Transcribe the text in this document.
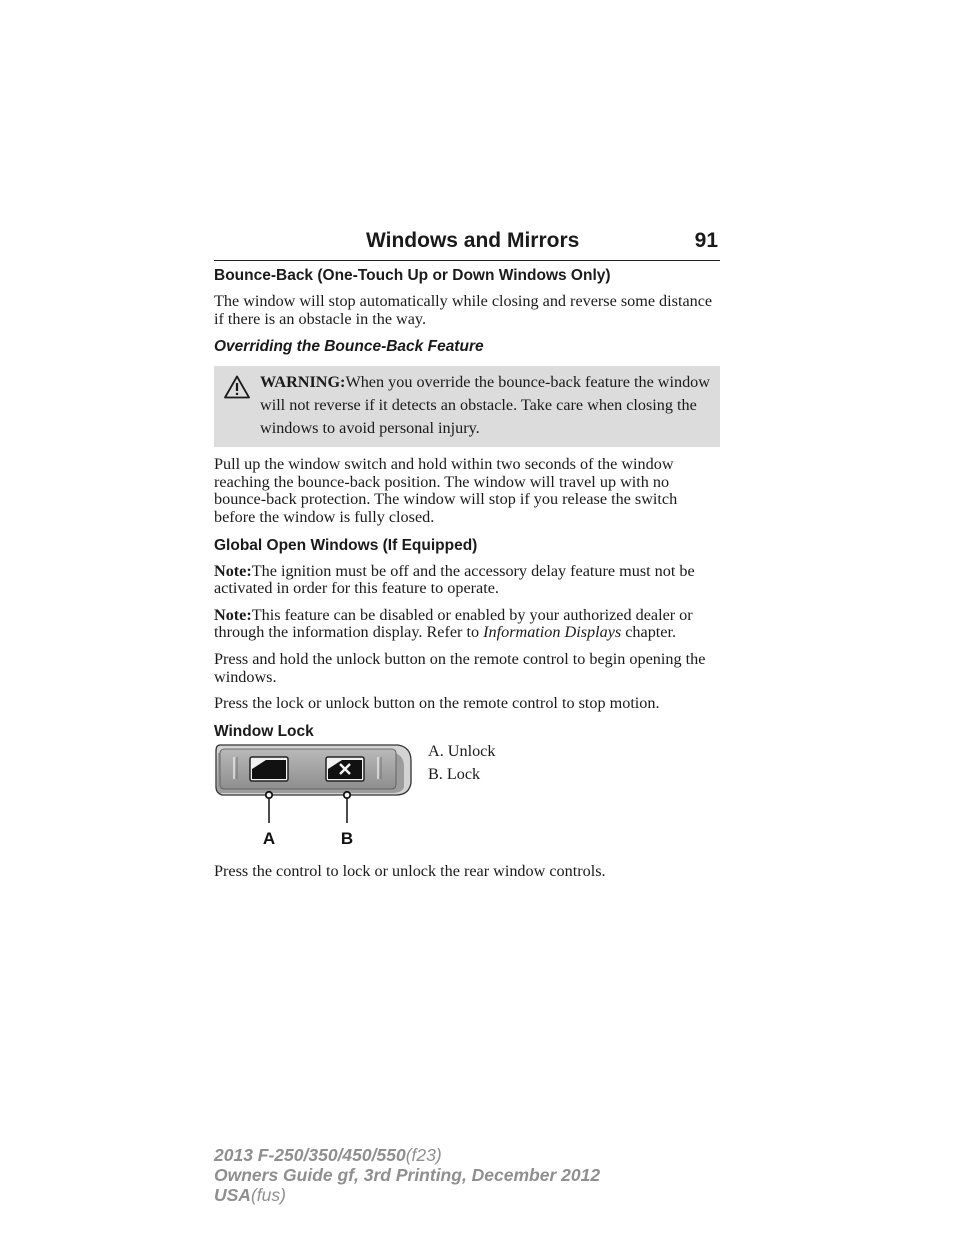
Windows and Mirrors	91
Bounce-Back (One-Touch Up or Down Windows Only)

The window will stop automatically while closing and reverse some distance if there is an obstacle in the way.

Overriding the Bounce-Back Feature
WARNING:When you override the bounce-back feature the window will not reverse if it detects an obstacle. Take care when closing the windows to avoid personal injury.

Pull up the window switch and hold within two seconds of the window reaching the bounce-back position. The window will travel up with no bounce-back protection. The window will stop if you release the switch before the window is fully closed.

Global Open Windows (If Equipped)

Note:The ignition must be off and the accessory delay feature must not be activated in order for this feature to operate.

Note:This feature can be disabled or enabled by your authorized dealer or through the information display. Refer to Information Displays chapter.

Press and hold the unlock button on the remote control to begin opening the windows.

Press the lock or unlock button on the remote control to stop motion.

Window Lock
A	B

A. Unlock

B. Lock

Press the control to lock or unlock the rear window controls.

2013 F-250/350/450/550(f23)
Owners Guide gf, 3rd Printing, December 2012
USA(fus)
